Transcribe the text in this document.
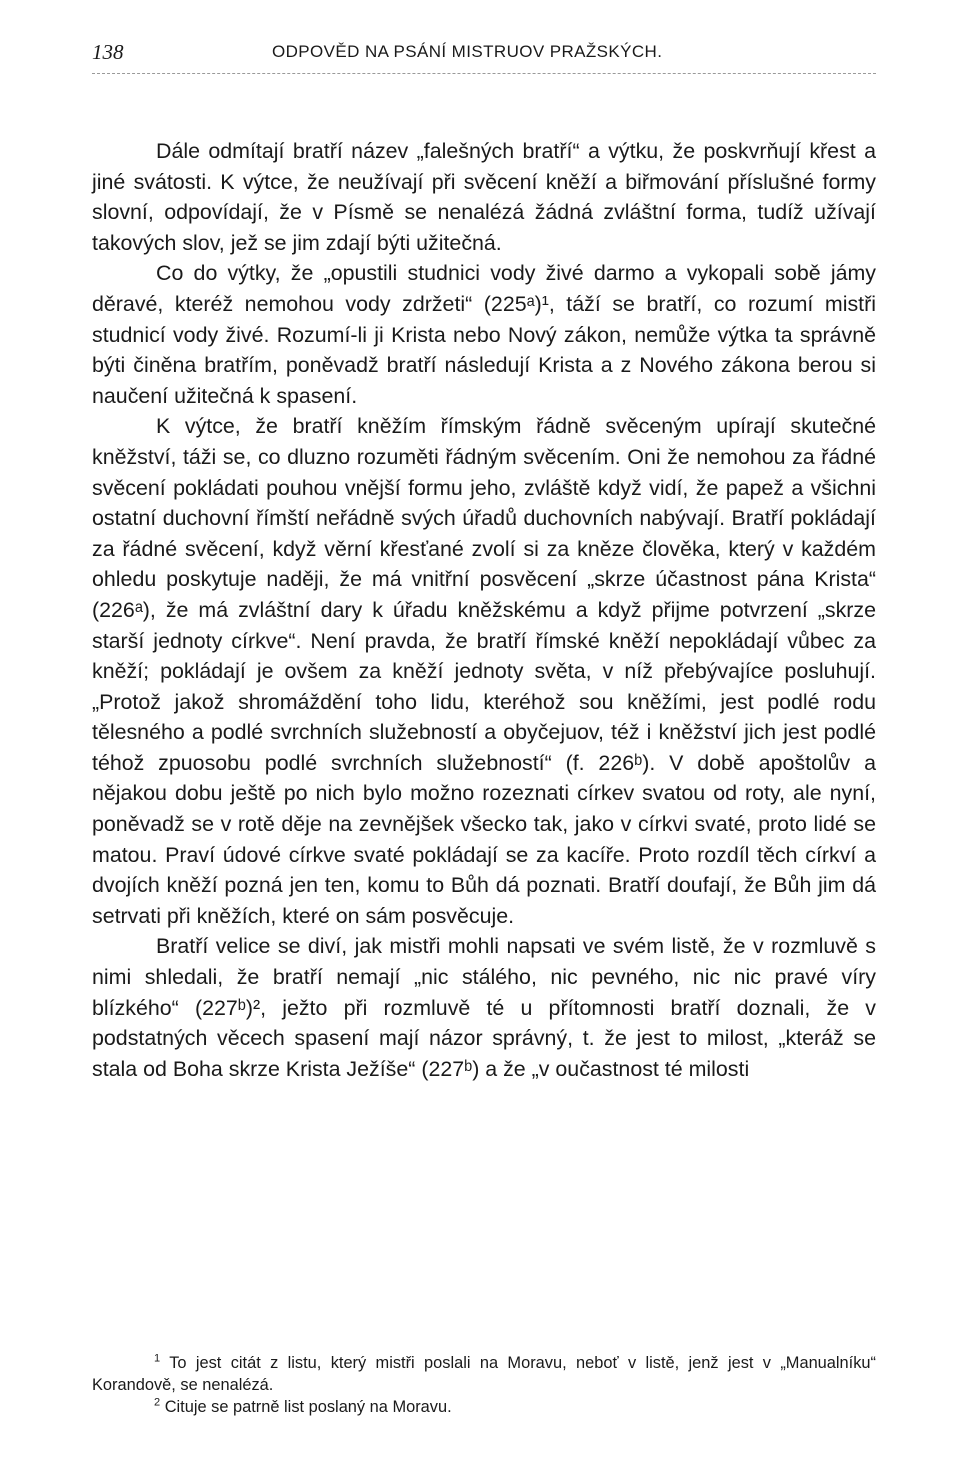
138	ODPOVĚD NA PSÁNÍ MISTRUOV PRAŽSKÝCH.

Dále odmítají bratří název „falešných bratří“ a výtku, že poskvrňují křest a jiné svátosti. K výtce, že neužívají při svěcení kněží a biřmování příslušné formy slovní, odpovídají, že v Písmě se nenalézá žádná zvláštní forma, tudíž užívají takových slov, jež se jim zdají býti užitečná.

Co do výtky, že „opustili studnici vody živé darmo a vykopali sobě jámy děravé, kteréž nemohou vody zdržeti“ (225ᵃ)¹, táží se bratří, co rozumí mistři studnicí vody živé. Rozumí-li ji Krista nebo Nový zákon, nemůže výtka ta správně býti činěna bratřím, poněvadž bratří následují Krista a z Nového zákona berou si naučení užitečná k spasení.

K výtce, že bratří kněžím římským řádně svěceným upírají skutečné kněžství, táži se, co dluzno rozuměti řádným svěcením. Oni že nemohou za řádné svěcení pokládati pouhou vnější formu jeho, zvláště když vidí, že papež a všichni ostatní duchovní římští neřádně svých úřadů duchovních nabývají. Bratří pokládají za řádné svěcení, když věrní křesťané zvolí si za kněze člověka, který v každém ohledu poskytuje naději, že má vnitřní posvěcení „skrze účastnost pána Krista“ (226ᵃ), že má zvláštní dary k úřadu kněžskému a když přijme potvrzení „skrze starší jednoty církve“. Není pravda, že bratří římské kněží nepokládají vůbec za kněží; pokládají je ovšem za kněží jednoty světa, v níž přebývajíce posluhují. „Protož jakož shromáždění toho lidu, kteréhož sou kněžími, jest podlé rodu tělesného a podlé svrchních služebností a obyčejuov, též i kněžství jich jest podlé téhož zpuosobu podlé svrchních služebností“ (f. 226ᵇ). V době apoštolův a nějakou dobu ještě po nich bylo možno rozeznati církev svatou od roty, ale nyní, poněvadž se v rotě děje na zevnějšek všecko tak, jako v církvi svaté, proto lidé se matou. Praví údové církve svaté pokládají se za kacíře. Proto rozdíl těch církví a dvojích kněží pozná jen ten, komu to Bůh dá poznati. Bratří doufají, že Bůh jim dá setrvati při kněžích, které on sám posvěcuje.

Bratří velice se diví, jak mistři mohli napsati ve svém listě, že v rozmluvě s nimi shledali, že bratří nemají „nic stálého, nic pevného, nic nic pravé víry blízkého“ (227ᵇ)², ježto při rozmluvě té u přítomnosti bratří doznali, že v podstatných věcech spasení mají názor správný, t. že jest to milost, „kteráž se stala od Boha skrze Krista Ježíše“ (227ᵇ) a že „v oučastnost té milosti

$^1$ To jest citát z listu, který mistři poslali na Moravu, neboť v listě, jenž jest v „Manualníku“ Korandově, se nenalézá.

$^2$ Cituje se patrně list poslaný na Moravu.
